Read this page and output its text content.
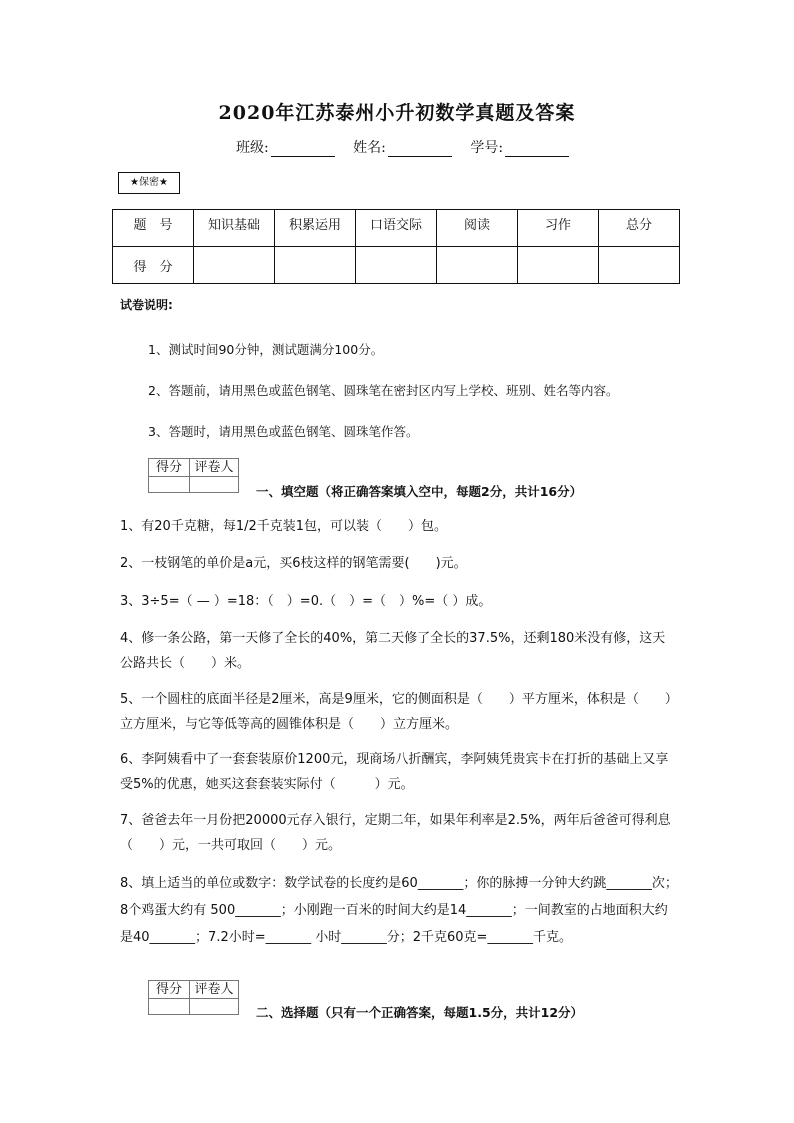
2020年江苏泰州小升初数学真题及答案
班级:	姓名:	学号:
★保密★
题　号	知识基础	积累运用	口语交际	阅读	习作	总分
得　分						
试卷说明:
1、测试时间90分钟，测试题满分100分。
2、答题前，请用黑色或蓝色钢笔、圆珠笔在密封区内写上学校、班别、姓名等内容。
3、答题时，请用黑色或蓝色钢笔、圆珠笔作答。
得分	评卷人

一、填空题（将正确答案填入空中，每题2分，共计16分）
1、有20千克糖，每1/2千克装1包，可以装（　　）包。
2、一枝钢笔的单价是a元，买6枝这样的钢笔需要(　　)元。
3、3÷5=（ — ）=18：（　）=0.（　）=（　）%=（ ）成。
4、修一条公路，第一天修了全长的40%，第二天修了全长的37.5%，还剩180米没有修，这天公路共长（　　）米。
5、一个圆柱的底面半径是2厘米，高是9厘米，它的侧面积是（　　）平方厘米，体积是（　　）立方厘米，与它等低等高的圆锥体积是（　　）立方厘米。
6、李阿姨看中了一套套装原价1200元，现商场八折酬宾，李阿姨凭贵宾卡在打折的基础上又享受5%的优惠，她买这套套装实际付（　　　）元。
7、爸爸去年一月份把20000元存入银行，定期二年，如果年利率是2.5%，两年后爸爸可得利息（　　）元，一共可取回（　　）元。
8、填上适当的单位或数字：数学试卷的长度约是60_______；你的脉搏一分钟大约跳_______次；8个鸡蛋大约有 500_______；小刚跑一百米的时间大约是14_______；一间教室的占地面积大约是40_______；7.2小时=_______ 小时_______分；2千克60克=_______千克。
得分	评卷人

二、选择题（只有一个正确答案，每题1.5分，共计12分）
